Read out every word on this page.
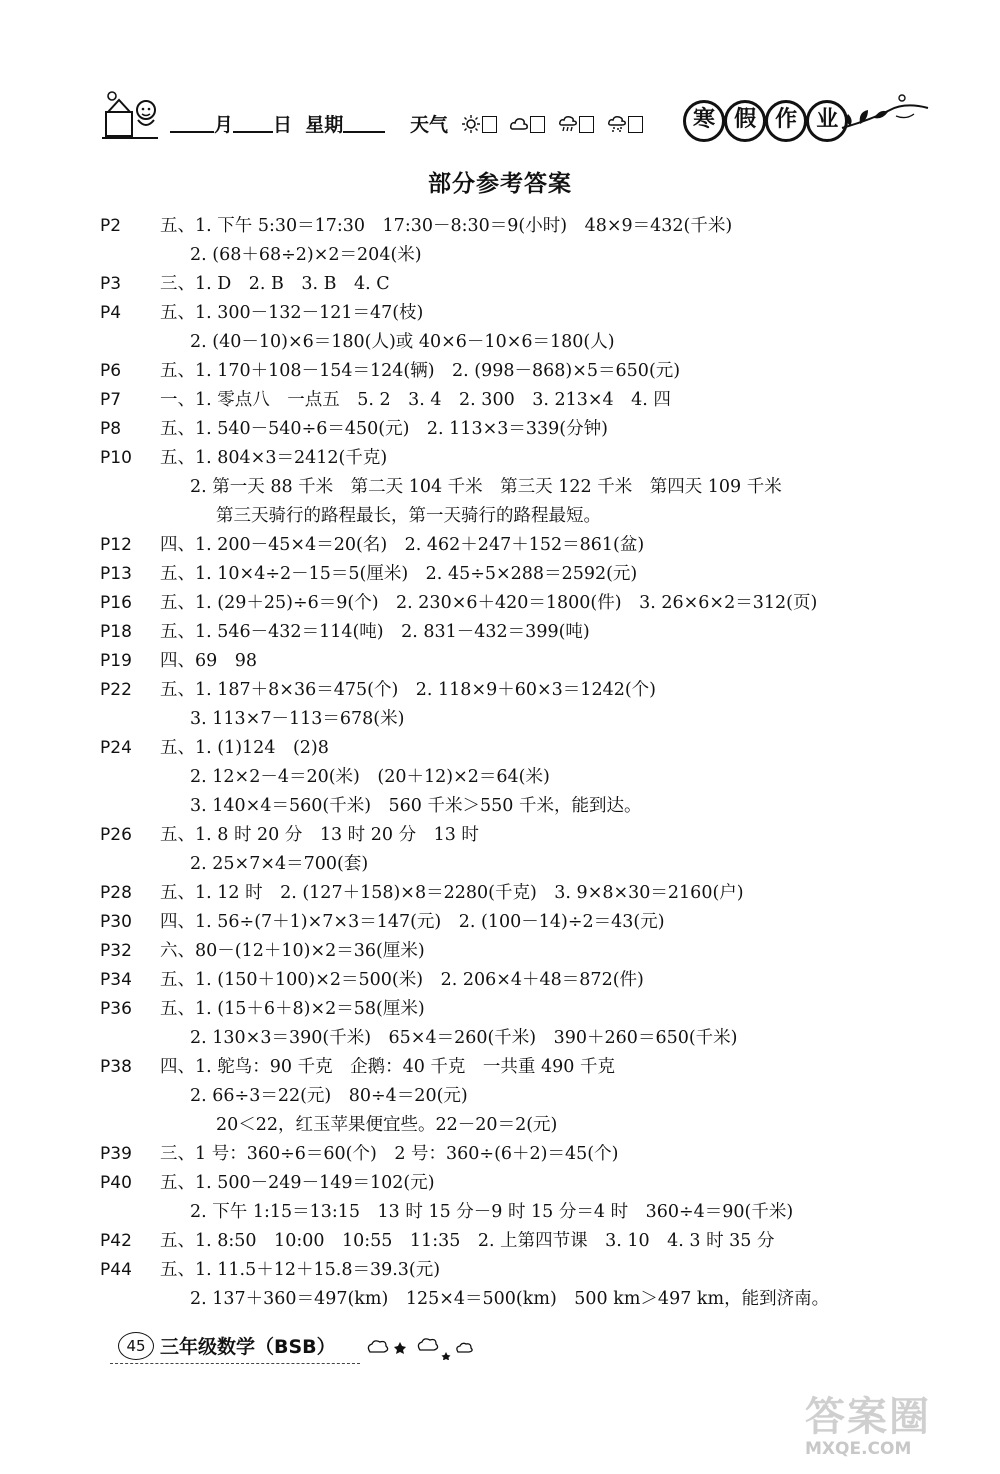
月 日 星期	天气	寒 假 作 业
部分参考答案
P2	五、1. 下午 5:30＝17:30　17:30－8:30＝9(小时)　48×9＝432(千米)
2. (68＋68÷2)×2＝204(米)
P3	三、1. D　2. B　3. B　4. C
P4	五、1. 300－132－121＝47(枝)
2. (40－10)×6＝180(人)或 40×6－10×6＝180(人)
P6	五、1. 170＋108－154＝124(辆)　2. (998－868)×5＝650(元)
P7	一、1. 零点八　一点五　5. 2　3. 4　2. 300　3. 213×4　4. 四
P8	五、1. 540－540÷6＝450(元)　2. 113×3＝339(分钟)
P10	五、1. 804×3＝2412(千克)
2. 第一天 88 千米　第二天 104 千米　第三天 122 千米　第四天 109 千米
第三天骑行的路程最长，第一天骑行的路程最短。
P12	四、1. 200－45×4＝20(名)　2. 462＋247＋152＝861(盆)
P13	五、1. 10×4÷2－15＝5(厘米)　2. 45÷5×288＝2592(元)
P16	五、1. (29＋25)÷6＝9(个)　2. 230×6＋420＝1800(件)　3. 26×6×2＝312(页)
P18	五、1. 546－432＝114(吨)　2. 831－432＝399(吨)
P19	四、69　98
P22	五、1. 187＋8×36＝475(个)　2. 118×9＋60×3＝1242(个)
3. 113×7－113＝678(米)
P24	五、1. (1)124　(2)8
2. 12×2－4＝20(米)　(20＋12)×2＝64(米)
3. 140×4＝560(千米)　560 千米＞550 千米，能到达。
P26	五、1. 8 时 20 分　13 时 20 分　13 时
2. 25×7×4＝700(套)
P28	五、1. 12 时　2. (127＋158)×8＝2280(千克)　3. 9×8×30＝2160(户)
P30	四、1. 56÷(7＋1)×7×3＝147(元)　2. (100－14)÷2＝43(元)
P32	六、80－(12＋10)×2＝36(厘米)
P34	五、1. (150＋100)×2＝500(米)　2. 206×4＋48＝872(件)
P36	五、1. (15＋6＋8)×2＝58(厘米)
2. 130×3＝390(千米)　65×4＝260(千米)　390＋260＝650(千米)
P38	四、1. 鸵鸟：90 千克　企鹅：40 千克　一共重 490 千克
2. 66÷3＝22(元)　80÷4＝20(元)
20＜22，红玉苹果便宜些。22－20＝2(元)
P39	三、1 号：360÷6＝60(个)　2 号：360÷(6＋2)＝45(个)
P40	五、1. 500－249－149＝102(元)
2. 下午 1:15＝13:15　13 时 15 分－9 时 15 分＝4 时　360÷4＝90(千米)
P42	五、1. 8:50　10:00　10:55　11:35　2. 上第四节课　3. 10　4. 3 时 35 分
P44	五、1. 11.5＋12＋15.8＝39.3(元)
2. 137＋360＝497(km)　125×4＝500(km)　500 km＞497 km，能到济南。
45 三年级数学（BSB）
答案圈
MXQE.COM
